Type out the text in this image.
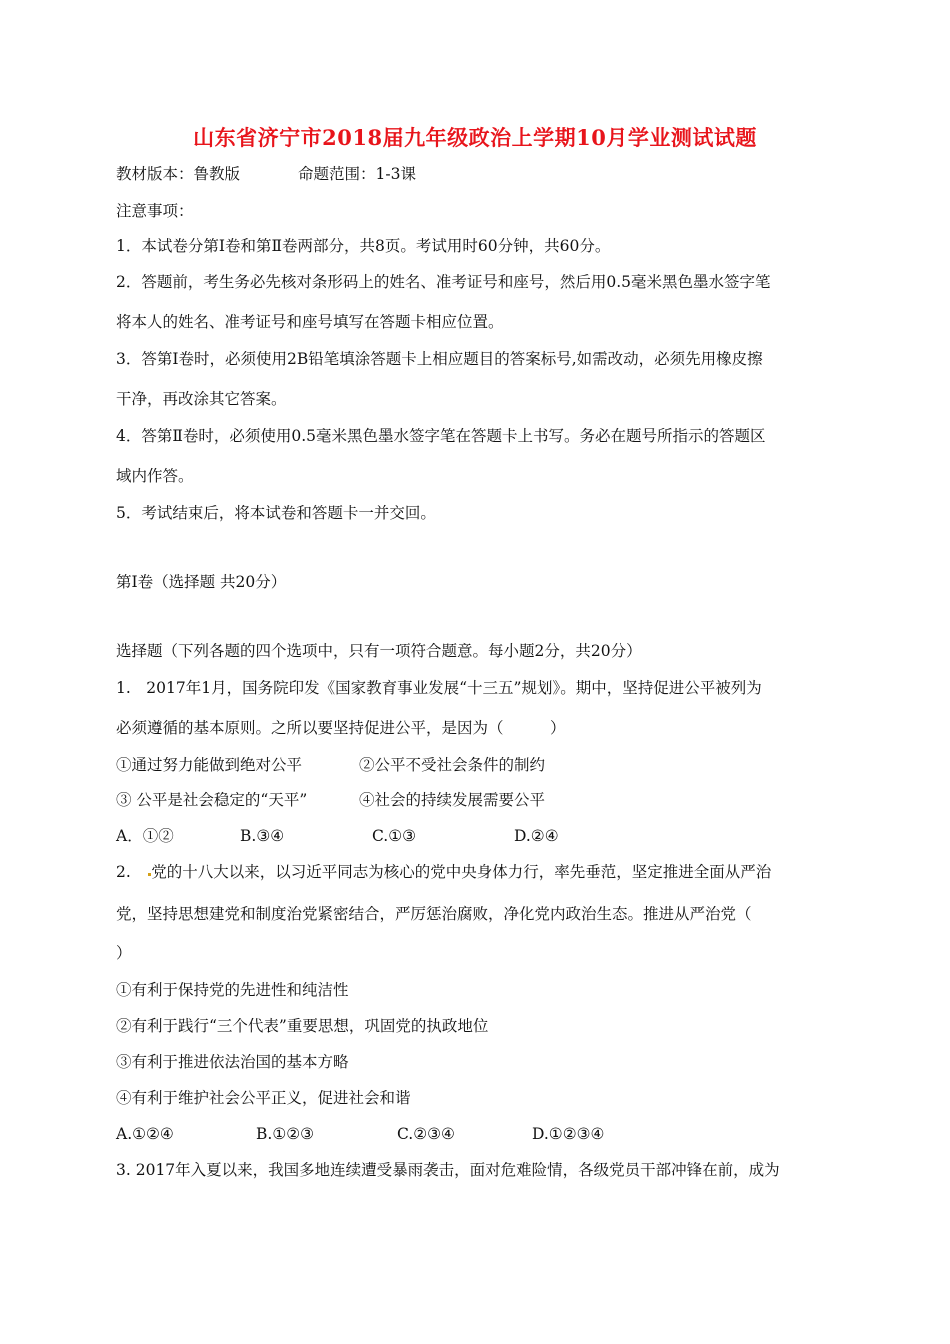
山东省济宁市2018届九年级政治上学期10月学业测试试题
教材版本：鲁教版	命题范围：1-3课
注意事项：
1．本试卷分第Ⅰ卷和第Ⅱ卷两部分，共8页。考试用时60分钟，共60分。
2．答题前，考生务必先核对条形码上的姓名、准考证号和座号，然后用0.5毫米黑色墨水签字笔
将本人的姓名、准考证号和座号填写在答题卡相应位置。
3．答第Ⅰ卷时，必须使用2B铅笔填涂答题卡上相应题目的答案标号,如需改动，必须先用橡皮擦
干净，再改涂其它答案。
4．答第Ⅱ卷时，必须使用0.5毫米黑色墨水签字笔在答题卡上书写。务必在题号所指示的答题区
域内作答。
5．考试结束后，将本试卷和答题卡一并交回。
第Ⅰ卷（选择题 共20分）
选择题（下列各题的四个选项中，只有一项符合题意。每小题2分，共20分）
1.　2017年1月，国务院印发《国家教育事业发展“十三五”规划》。期中，坚持促进公平被列为
必须遵循的基本原则。之所以要坚持促进公平，是因为（　　　）
①通过努力能做到绝对公平	②公平不受社会条件的制约
③ 公平是社会稳定的“天平”	④社会的持续发展需要公平
A．①②	B.③④	C.①③	D.②④
2.　 党的十八大以来，以习近平同志为核心的党中央身体力行，率先垂范，坚定推进全面从严治
党，坚持思想建党和制度治党紧密结合，严厉惩治腐败，净化党内政治生态。推进从严治党（
）
①有利于保持党的先进性和纯洁性
②有利于践行“三个代表”重要思想，巩固党的执政地位
③有利于推进依法治国的基本方略
④有利于维护社会公平正义，促进社会和谐
A.①②④	B.①②③	C.②③④	D.①②③④
3. 2017年入夏以来，我国多地连续遭受暴雨袭击，面对危难险情，各级党员干部冲锋在前，成为
